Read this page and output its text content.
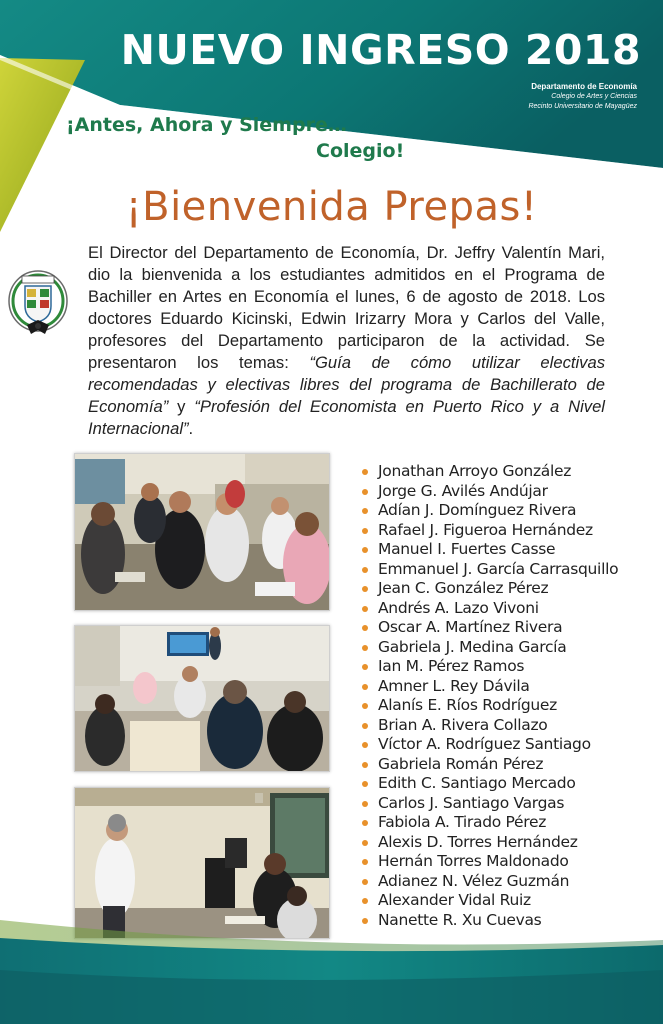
NUEVO INGRESO 2018
Departamento de Economía
Colegio de Artes y Ciencias
Recinto Universitario de Mayagüez
¡Antes, Ahora y Siempre…
Colegio!
¡Bienvenida Prepas!

El Director del Departamento de Economía, Dr. Jeffry Valentín Mari, dio la bienvenida a los estudiantes admitidos en el Programa de Bachiller en Artes en Economía el lunes, 6 de agosto de 2018. Los doctores Eduardo Kicinski, Edwin Irizarry Mora y Carlos del Valle, profesores del Departamento participaron de la actividad. Se presentaron los temas: “Guía de cómo utilizar electivas recomendadas y electivas libres del programa de Bachillerato de Economía” y “Profesión del Economista en Puerto Rico y a Nivel Internacional”.

Jonathan Arroyo González
Jorge G. Avilés Andújar
Adían J. Domínguez Rivera
Rafael J. Figueroa Hernández
Manuel I. Fuertes Casse
Emmanuel J. García Carrasquillo
Jean C. González Pérez
Andrés A. Lazo Vivoni
Oscar A. Martínez Rivera
Gabriela J. Medina García
Ian M. Pérez Ramos
Amner L. Rey Dávila
Alanís E. Ríos Rodríguez
Brian A. Rivera Collazo
Víctor A. Rodríguez Santiago
Gabriela Román Pérez
Edith C. Santiago Mercado
Carlos J. Santiago Vargas
Fabiola A. Tirado Pérez
Alexis D. Torres Hernández
Hernán Torres Maldonado
Adianez N. Vélez Guzmán
Alexander Vidal Ruiz
Nanette R. Xu Cuevas
